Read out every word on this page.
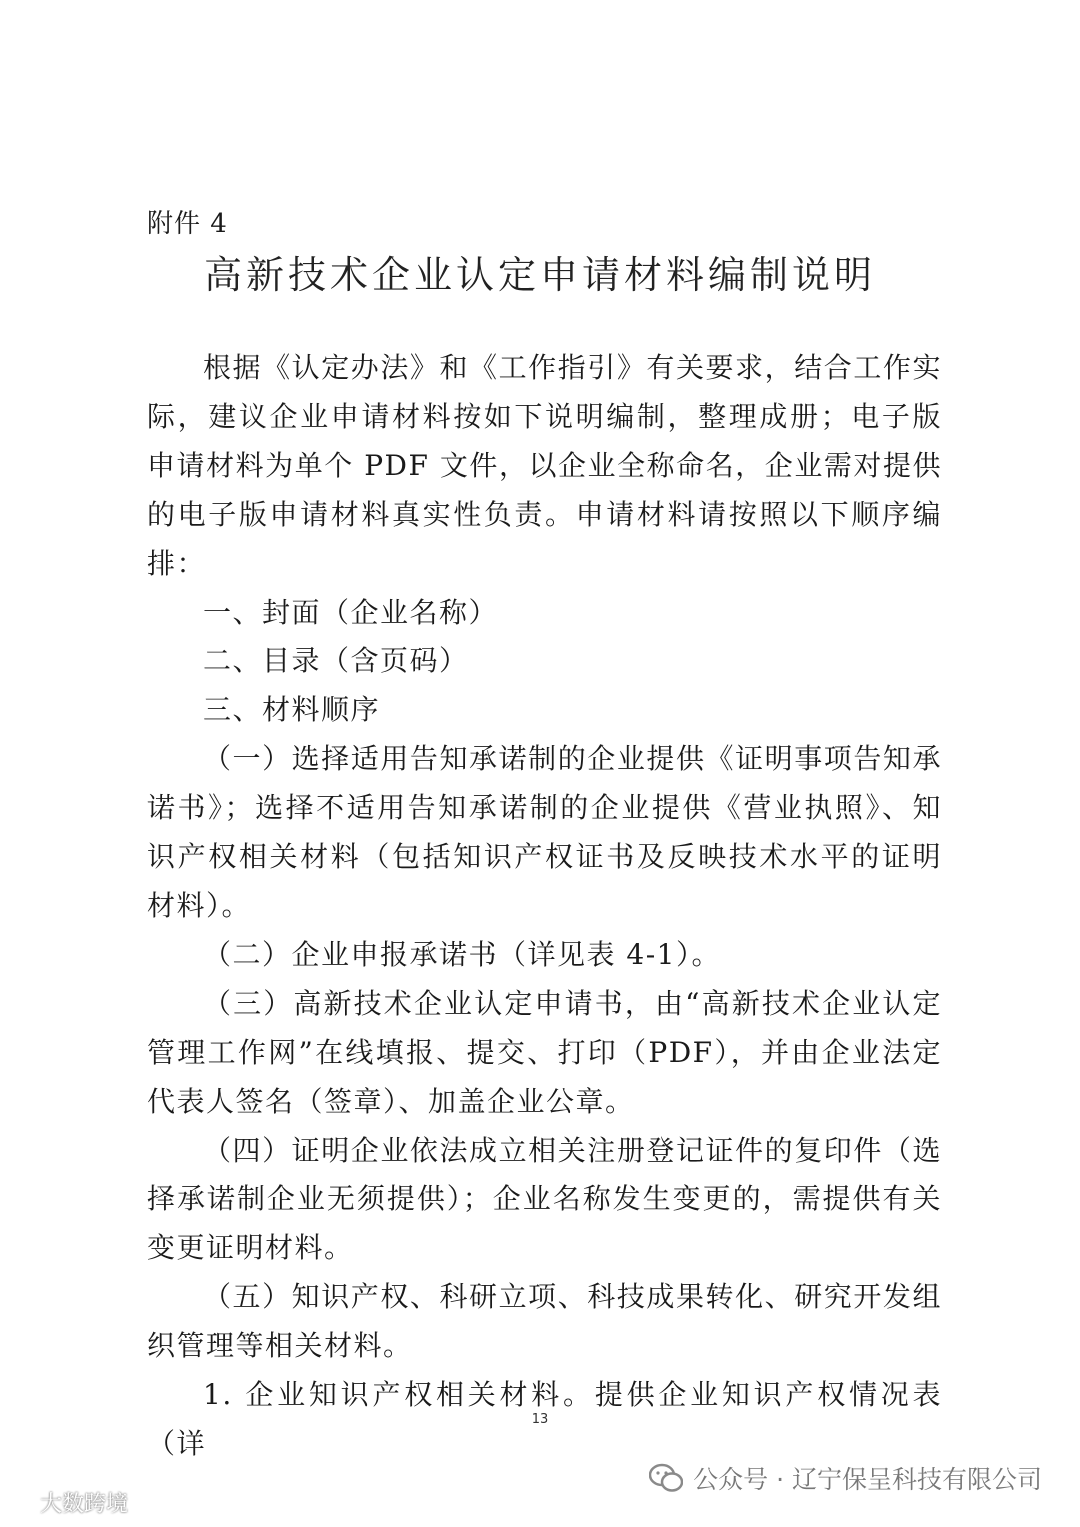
附件 4
高新技术企业认定申请材料编制说明

根据《认定办法》和《工作指引》有关要求，结合工作实际，建议企业申请材料按如下说明编制，整理成册；电子版申请材料为单个 PDF 文件，以企业全称命名，企业需对提供的电子版申请材料真实性负责。申请材料请按照以下顺序编排：

一、封面（企业名称）

二、目录（含页码）

三、材料顺序

（一）选择适用告知承诺制的企业提供《证明事项告知承诺书》；选择不适用告知承诺制的企业提供《营业执照》、知识产权相关材料（包括知识产权证书及反映技术水平的证明材料）。

（二）企业申报承诺书（详见表 4-1）。

（三）高新技术企业认定申请书，由“高新技术企业认定管理工作网”在线填报、提交、打印（PDF），并由企业法定代表人签名（签章）、加盖企业公章。

（四）证明企业依法成立相关注册登记证件的复印件（选择承诺制企业无须提供）；企业名称发生变更的，需提供有关变更证明材料。

（五）知识产权、科研立项、科技成果转化、研究开发组织管理等相关材料。

1. 企业知识产权相关材料。提供企业知识产权情况表（详

13
公众号 · 辽宁保呈科技有限公司
大数跨境
